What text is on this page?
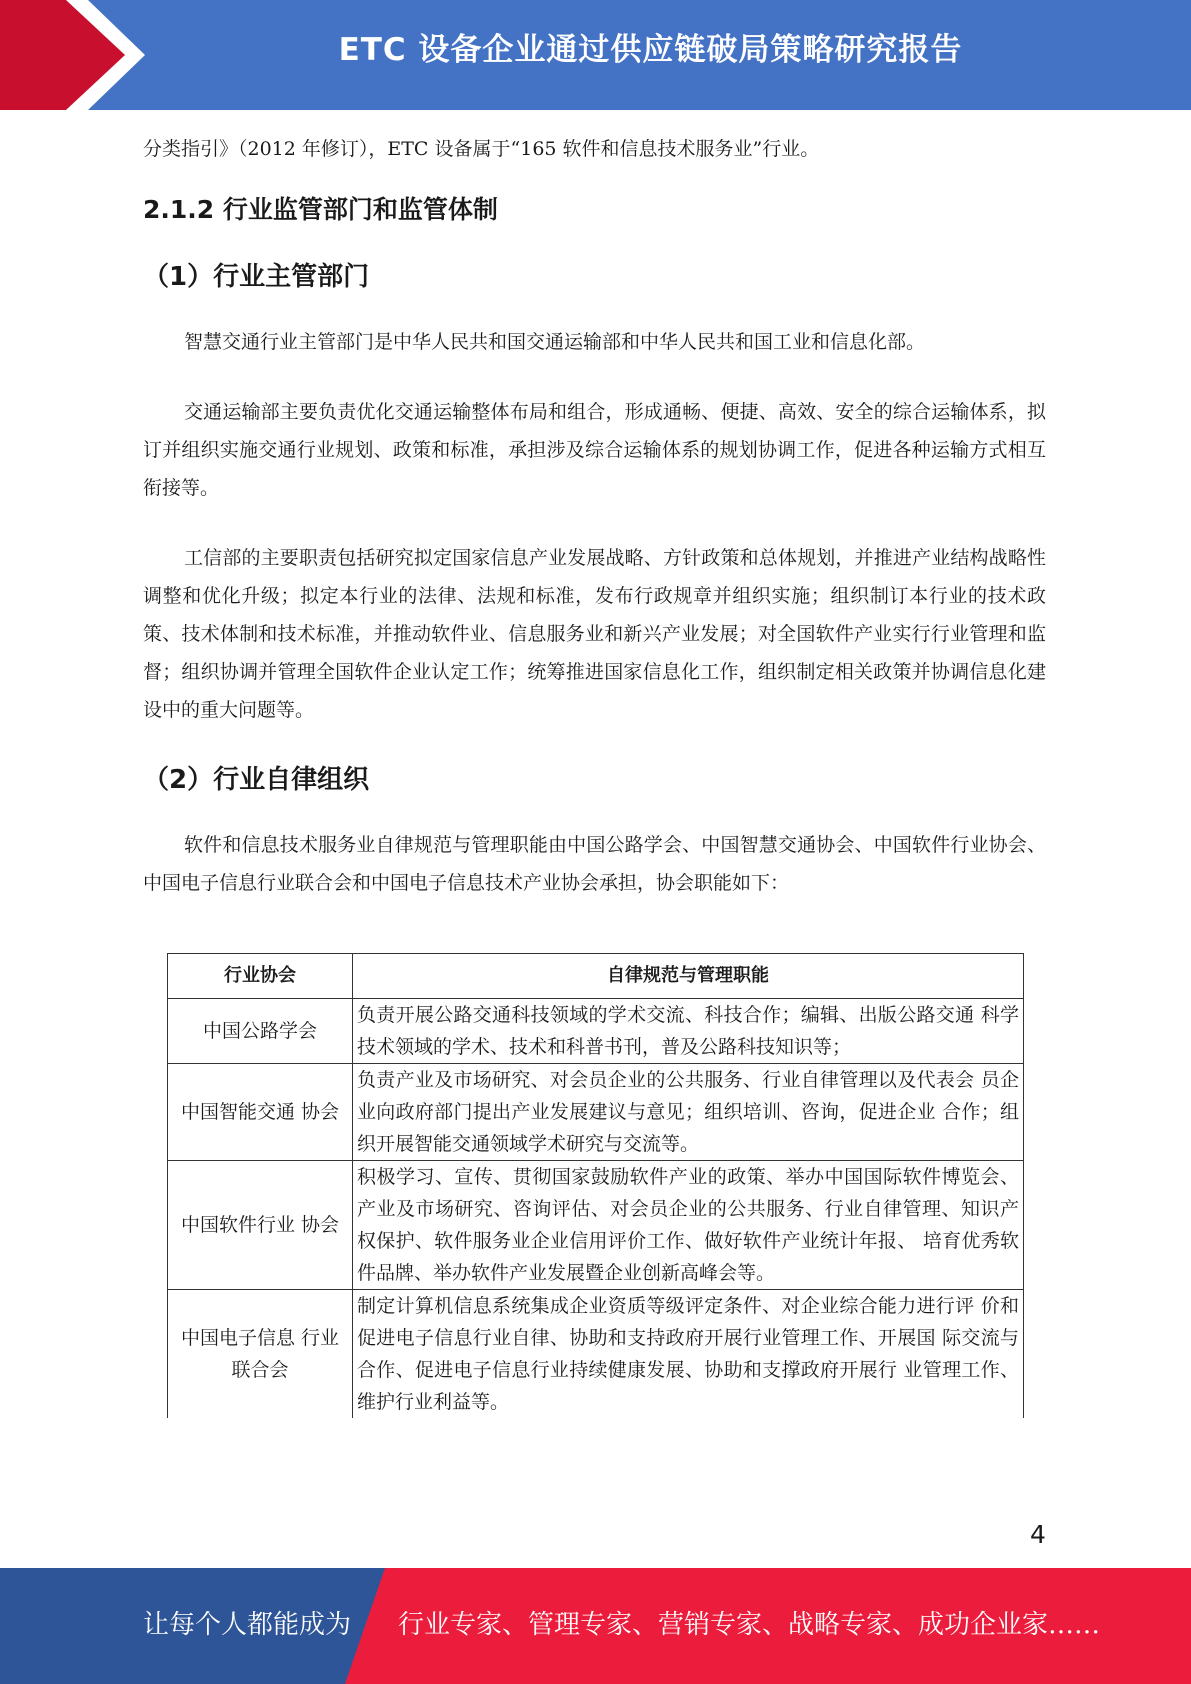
ETC 设备企业通过供应链破局策略研究报告

分类指引》（2012 年修订），ETC 设备属于“165 软件和信息技术服务业”行业。

2.1.2 行业监管部门和监管体制
（1）行业主管部门

智慧交通行业主管部门是中华人民共和国交通运输部和中华人民共和国工业和信息化部。

交通运输部主要负责优化交通运输整体布局和组合，形成通畅、便捷、高效、安全的综合运输体系，拟订并组织实施交通行业规划、政策和标准，承担涉及综合运输体系的规划协调工作，促进各种运输方式相互衔接等。

工信部的主要职责包括研究拟定国家信息产业发展战略、方针政策和总体规划，并推进产业结构战略性调整和优化升级；拟定本行业的法律、法规和标准，发布行政规章并组织实施；组织制订本行业的技术政策、技术体制和技术标准，并推动软件业、信息服务业和新兴产业发展；对全国软件产业实行行业管理和监督；组织协调并管理全国软件企业认定工作；统筹推进国家信息化工作，组织制定相关政策并协调信息化建设中的重大问题等。

（2）行业自律组织

软件和信息技术服务业自律规范与管理职能由中国公路学会、中国智慧交通协会、中国软件行业协会、中国电子信息行业联合会和中国电子信息技术产业协会承担，协会职能如下：

行业协会	自律规范与管理职能
中国公路学会	负责开展公路交通科技领域的学术交流、科技合作；编辑、出版公路交通 科学技术领域的学术、技术和科普书刊，普及公路科技知识等；
中国智能交通 协会	负责产业及市场研究、对会员企业的公共服务、行业自律管理以及代表会 员企业向政府部门提出产业发展建议与意见；组织培训、咨询，促进企业 合作；组织开展智能交通领域学术研究与交流等。
中国软件行业 协会	积极学习、宣传、贯彻国家鼓励软件产业的政策、举办中国国际软件博览会、产业及市场研究、咨询评估、对会员企业的公共服务、行业自律管理、知识产权保护、软件服务业企业信用评价工作、做好软件产业统计年报、 培育优秀软件品牌、举办软件产业发展暨企业创新高峰会等。
中国电子信息 行业联合会	制定计算机信息系统集成企业资质等级评定条件、对企业综合能力进行评 价和促进电子信息行业自律、协助和支持政府开展行业管理工作、开展国 际交流与合作、促进电子信息行业持续健康发展、协助和支撑政府开展行 业管理工作、维护行业利益等。
4
让每个人都能成为 行业专家、管理专家、营销专家、战略专家、成功企业家……
